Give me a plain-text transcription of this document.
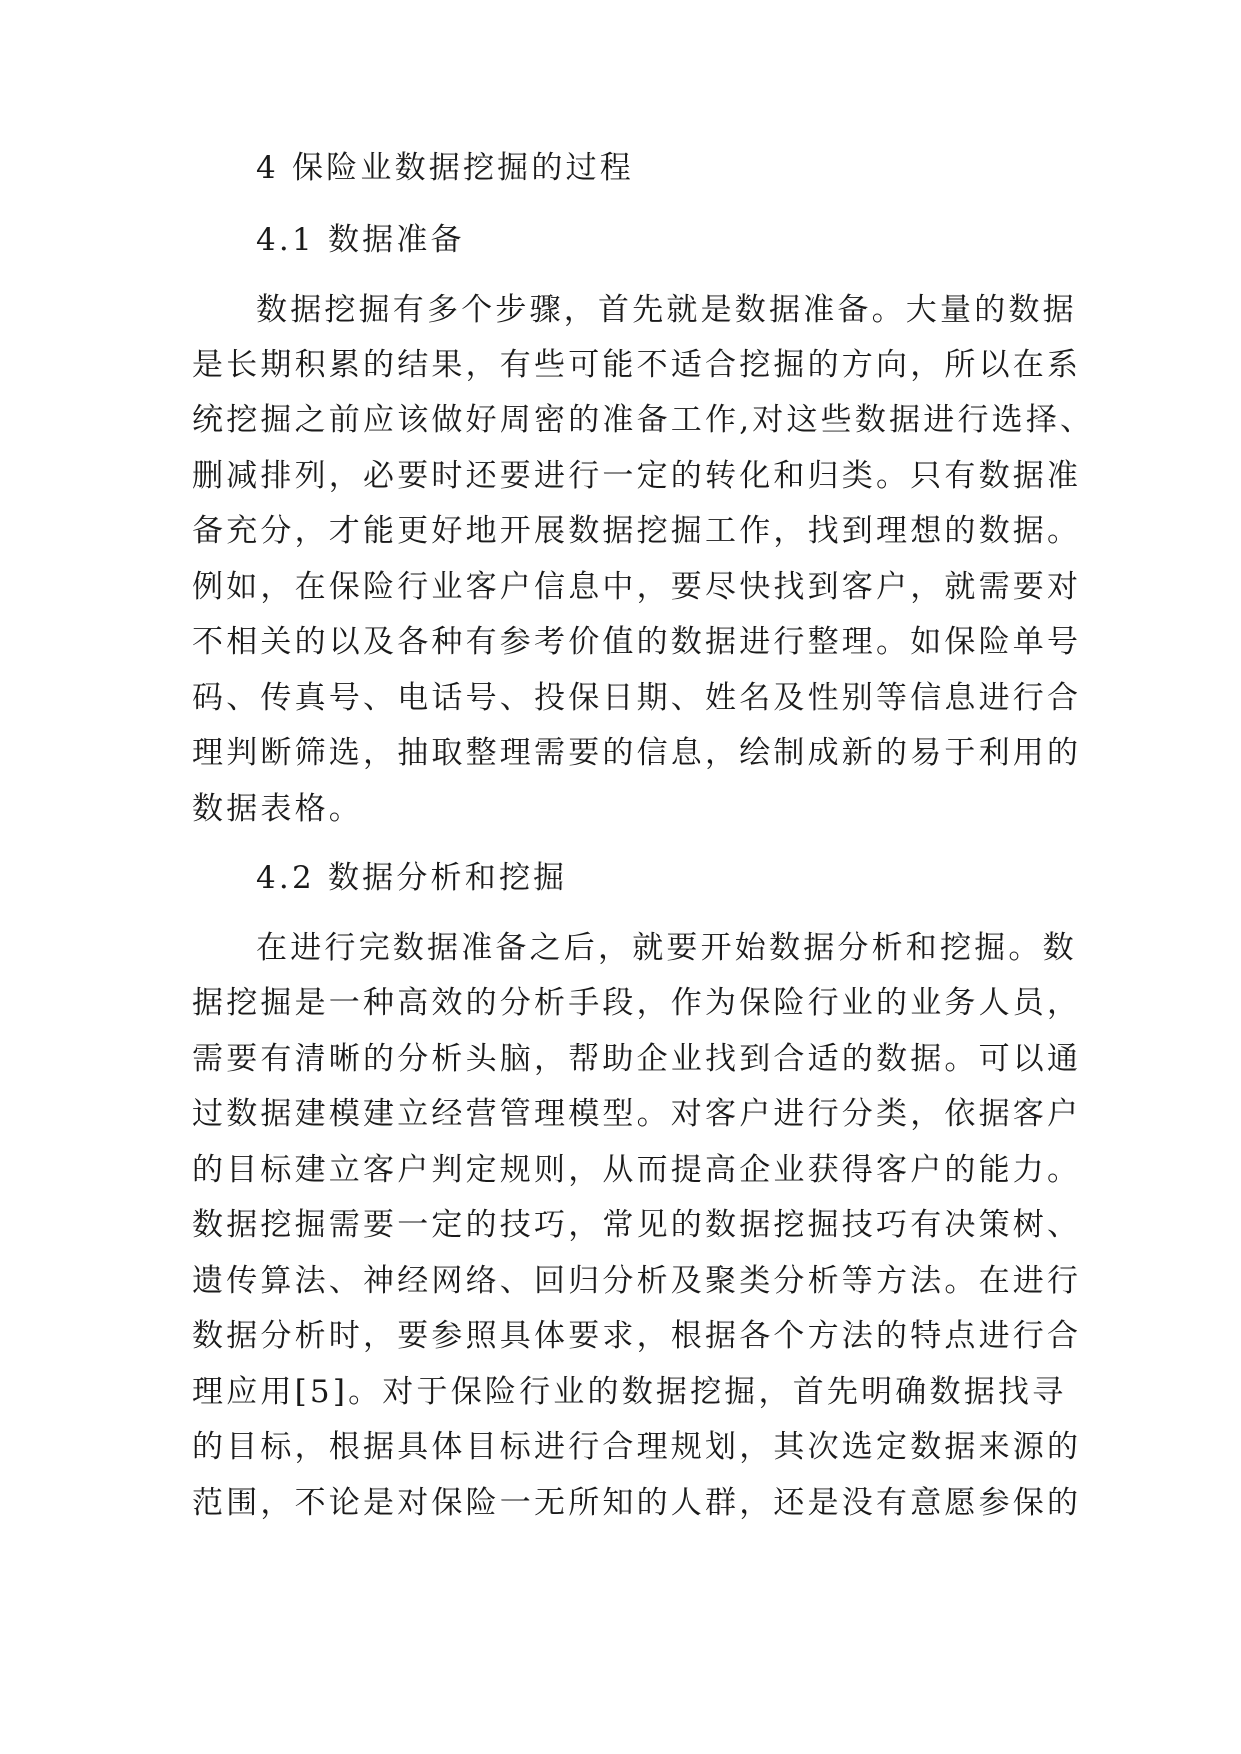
4 保险业数据挖掘的过程
4.1 数据准备
数据挖掘有多个步骤，首先就是数据准备。大量的数据
是长期积累的结果，有些可能不适合挖掘的方向，所以在系
统挖掘之前应该做好周密的准备工作,对这些数据进行选择、
删减排列，必要时还要进行一定的转化和归类。只有数据准
备充分，才能更好地开展数据挖掘工作，找到理想的数据。
例如，在保险行业客户信息中，要尽快找到客户，就需要对
不相关的以及各种有参考价值的数据进行整理。如保险单号
码、传真号、电话号、投保日期、姓名及性别等信息进行合
理判断筛选，抽取整理需要的信息，绘制成新的易于利用的
数据表格。
4.2 数据分析和挖掘
在进行完数据准备之后，就要开始数据分析和挖掘。数
据挖掘是一种高效的分析手段，作为保险行业的业务人员，
需要有清晰的分析头脑，帮助企业找到合适的数据。可以通
过数据建模建立经营管理模型。对客户进行分类，依据客户
的目标建立客户判定规则，从而提高企业获得客户的能力。
数据挖掘需要一定的技巧，常见的数据挖掘技巧有决策树、
遗传算法、神经网络、回归分析及聚类分析等方法。在进行
数据分析时，要参照具体要求，根据各个方法的特点进行合
理应用[5]。对于保险行业的数据挖掘，首先明确数据找寻
的目标，根据具体目标进行合理规划，其次选定数据来源的
范围，不论是对保险一无所知的人群，还是没有意愿参保的
